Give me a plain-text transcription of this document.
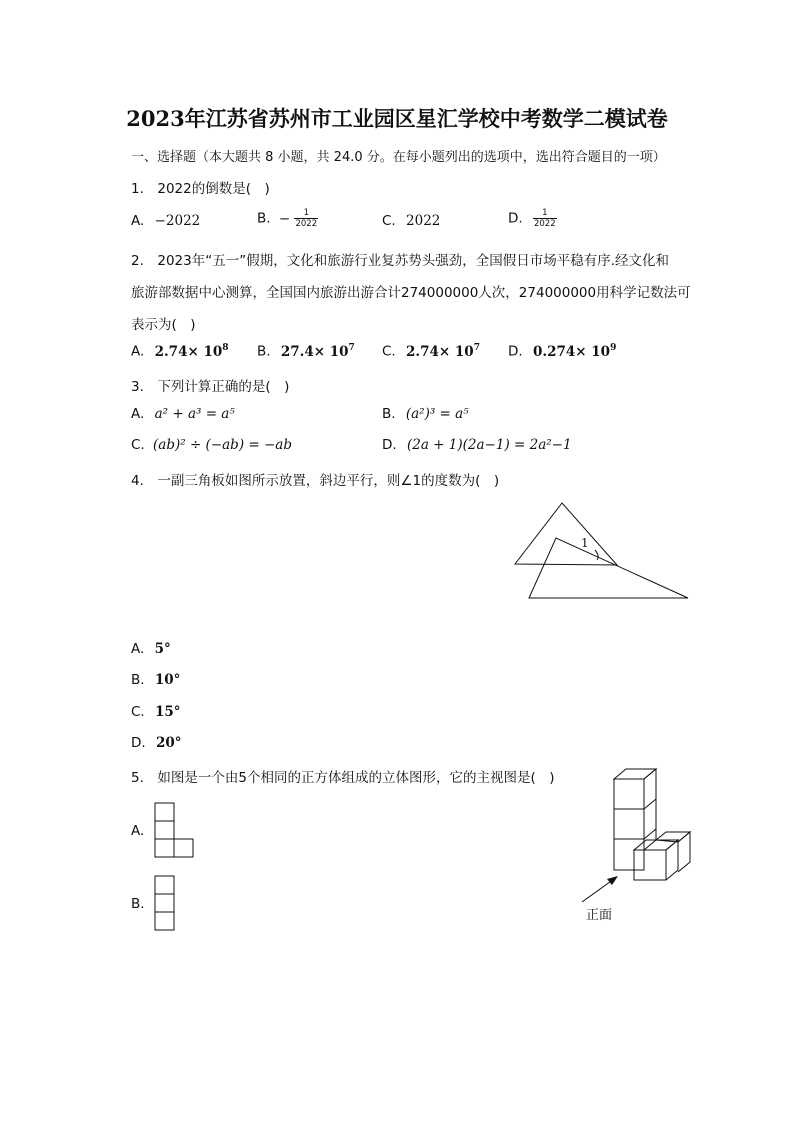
2023年江苏省苏州市工业园区星汇学校中考数学二模试卷
一、选择题（本大题共 8 小题，共 24.0 分。在每小题列出的选项中，选出符合题目的一项）
1.　2022的倒数是(　)
A. −2022	B. − $\frac{1}{2022}$	C. 2022	D. $\frac{1}{2022}$
2.　2023年“五一”假期，文化和旅游行业复苏势头强劲，全国假日市场平稳有序.经文化和
旅游部数据中心测算，全国国内旅游出游合计274000000人次，274000000用科学记数法可
表示为(　)
A. $2.74\times 10^8$ B. $27.4\times 10^7$ C. $2.74\times 10^7$ D. $0.274\times 10^9$
3.　下列计算正确的是(　)
A. a² + a³ = a⁵	B. (a²)³ = a⁵
C. (ab)² ÷ (−ab) = −ab	D. (2a + 1)(2a−1) = 2a²−1
4.　一副三角板如图所示放置，斜边平行，则∠1的度数为(　)
1
A. 5°
B. 10°
C. 15°
D. 20°
5.　如图是一个由5个相同的正方体组成的立体图形，它的主视图是(　)
A.
B.
正面
